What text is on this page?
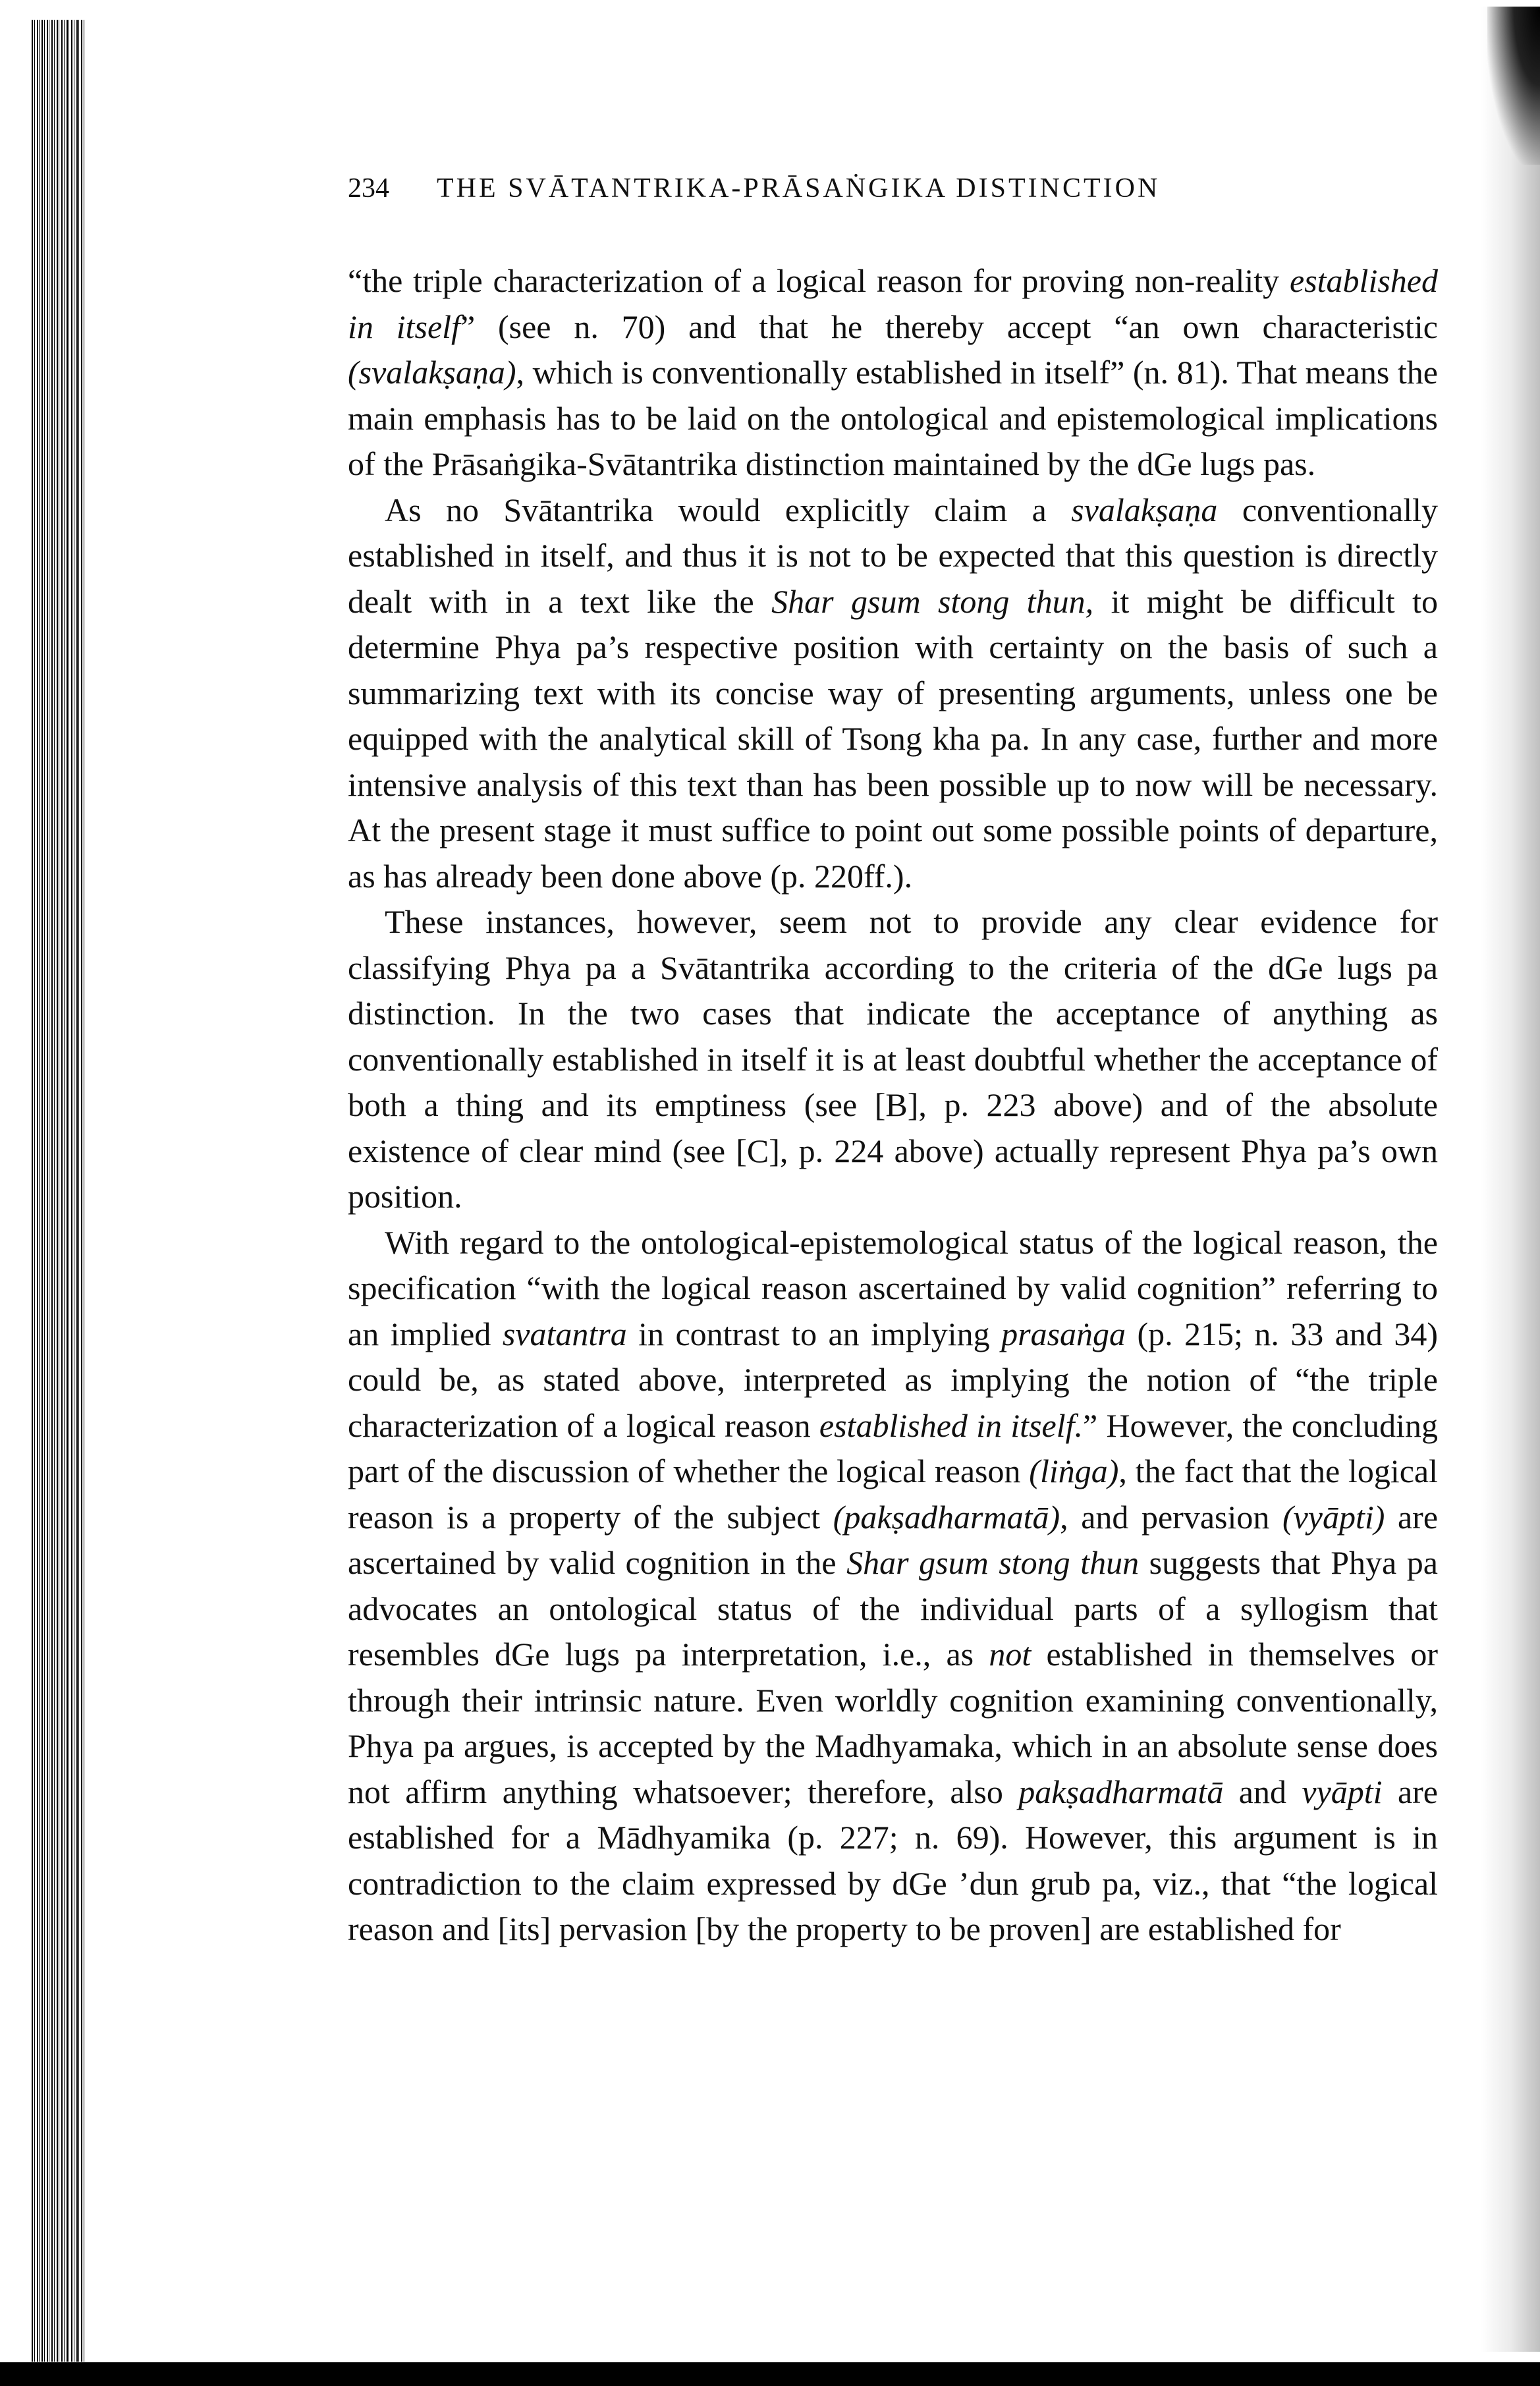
234 THE SVĀTANTRIKA-PRĀSAṄGIKA DISTINCTION

“the triple characterization of a logical reason for proving non-reality established in itself” (see n. 70) and that he thereby accept “an own characteristic (svalakṣaṇa), which is conventionally established in itself” (n. 81). That means the main emphasis has to be laid on the ontological and epistemological implications of the Prāsaṅgika-Svātantrika distinction maintained by the dGe lugs pas.

As no Svātantrika would explicitly claim a svalakṣaṇa conventionally established in itself, and thus it is not to be expected that this question is directly dealt with in a text like the Shar gsum stong thun, it might be difficult to determine Phya pa’s respective position with certainty on the basis of such a summarizing text with its concise way of presenting arguments, unless one be equipped with the analytical skill of Tsong kha pa. In any case, further and more intensive analysis of this text than has been possible up to now will be necessary. At the present stage it must suffice to point out some possible points of departure, as has already been done above (p. 220ff.).

These instances, however, seem not to provide any clear evidence for classifying Phya pa a Svātantrika according to the criteria of the dGe lugs pa distinction. In the two cases that indicate the acceptance of anything as conventionally established in itself it is at least doubtful whether the acceptance of both a thing and its emptiness (see [B], p. 223 above) and of the absolute existence of clear mind (see [C], p. 224 above) actually represent Phya pa’s own position.

With regard to the ontological-epistemological status of the logical reason, the specification “with the logical reason ascertained by valid cognition” referring to an implied svatantra in contrast to an implying prasaṅga (p. 215; n. 33 and 34) could be, as stated above, interpreted as implying the notion of “the triple characterization of a logical reason established in itself.” However, the concluding part of the discussion of whether the logical reason (liṅga), the fact that the logical reason is a property of the subject (pakṣadharmatā), and pervasion (vyāpti) are ascertained by valid cognition in the Shar gsum stong thun suggests that Phya pa advocates an ontological status of the individual parts of a syllogism that resembles dGe lugs pa interpretation, i.e., as not established in themselves or through their intrinsic nature. Even worldly cognition examining conventionally, Phya pa argues, is accepted by the Madhyamaka, which in an absolute sense does not affirm anything whatsoever; therefore, also pakṣadharmatā and vyāpti are established for a Mādhyamika (p. 227; n. 69). However, this argument is in contradiction to the claim expressed by dGe ’dun grub pa, viz., that “the logical reason and [its] pervasion [by the property to be proven] are established for
